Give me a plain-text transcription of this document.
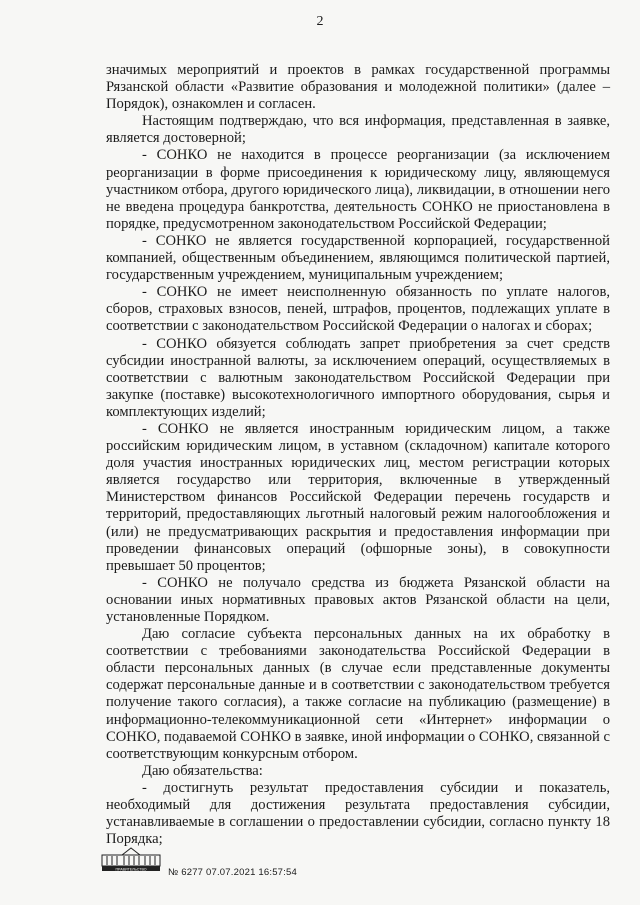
2

значимых мероприятий и проектов в рамках государственной программы Рязанской области «Развитие образования и молодежной политики» (далее – Порядок), ознакомлен и согласен.

Настоящим подтверждаю, что вся информация, представленная в заявке, является достоверной;

- СОНКО не находится в процессе реорганизации (за исключением реорганизации в форме присоединения к юридическому лицу, являющемуся участником отбора, другого юридического лица), ликвидации, в отношении него не введена процедура банкротства, деятельность СОНКО не приостановлена в порядке, предусмотренном законодательством Российской Федерации;

- СОНКО не является государственной корпорацией, государственной компанией, общественным объединением, являющимся политической партией, государственным учреждением, муниципальным учреждением;

- СОНКО не имеет неисполненную обязанность по уплате налогов, сборов, страховых взносов, пеней, штрафов, процентов, подлежащих уплате в соответствии с законодательством Российской Федерации о налогах и сборах;

- СОНКО обязуется соблюдать запрет приобретения за счет средств субсидии иностранной валюты, за исключением операций, осуществляемых в соответствии с валютным законодательством Российской Федерации при закупке (поставке) высокотехнологичного импортного оборудования, сырья и комплектующих изделий;

- СОНКО не является иностранным юридическим лицом, а также российским юридическим лицом, в уставном (складочном) капитале которого доля участия иностранных юридических лиц, местом регистрации которых является государство или территория, включенные в утвержденный Министерством финансов Российской Федерации перечень государств и территорий, предоставляющих льготный налоговый режим налогообложения и (или) не предусматривающих раскрытия и предоставления информации при проведении финансовых операций (офшорные зоны), в совокупности превышает 50 процентов;

- СОНКО не получало средства из бюджета Рязанской области на основании иных нормативных правовых актов Рязанской области на цели, установленные Порядком.

Даю согласие субъекта персональных данных на их обработку в соответствии с требованиями законодательства Российской Федерации в области персональных данных (в случае если представленные документы содержат персональные данные и в соответствии с законодательством требуется получение такого согласия), а также согласие на публикацию (размещение) в информационно-телекоммуникационной сети «Интернет» информации о СОНКО, подаваемой СОНКО в заявке, иной информации о СОНКО, связанной с соответствующим конкурсным отбором.

Даю обязательства:

- достигнуть результат предоставления субсидии и показатель, необходимый для достижения результата предоставления субсидии, устанавливаемые в соглашении о предоставлении субсидии, согласно пункту 18 Порядка;

ПРАВИТЕЛЬСТВО № 6277 07.07.2021 16:57:54
